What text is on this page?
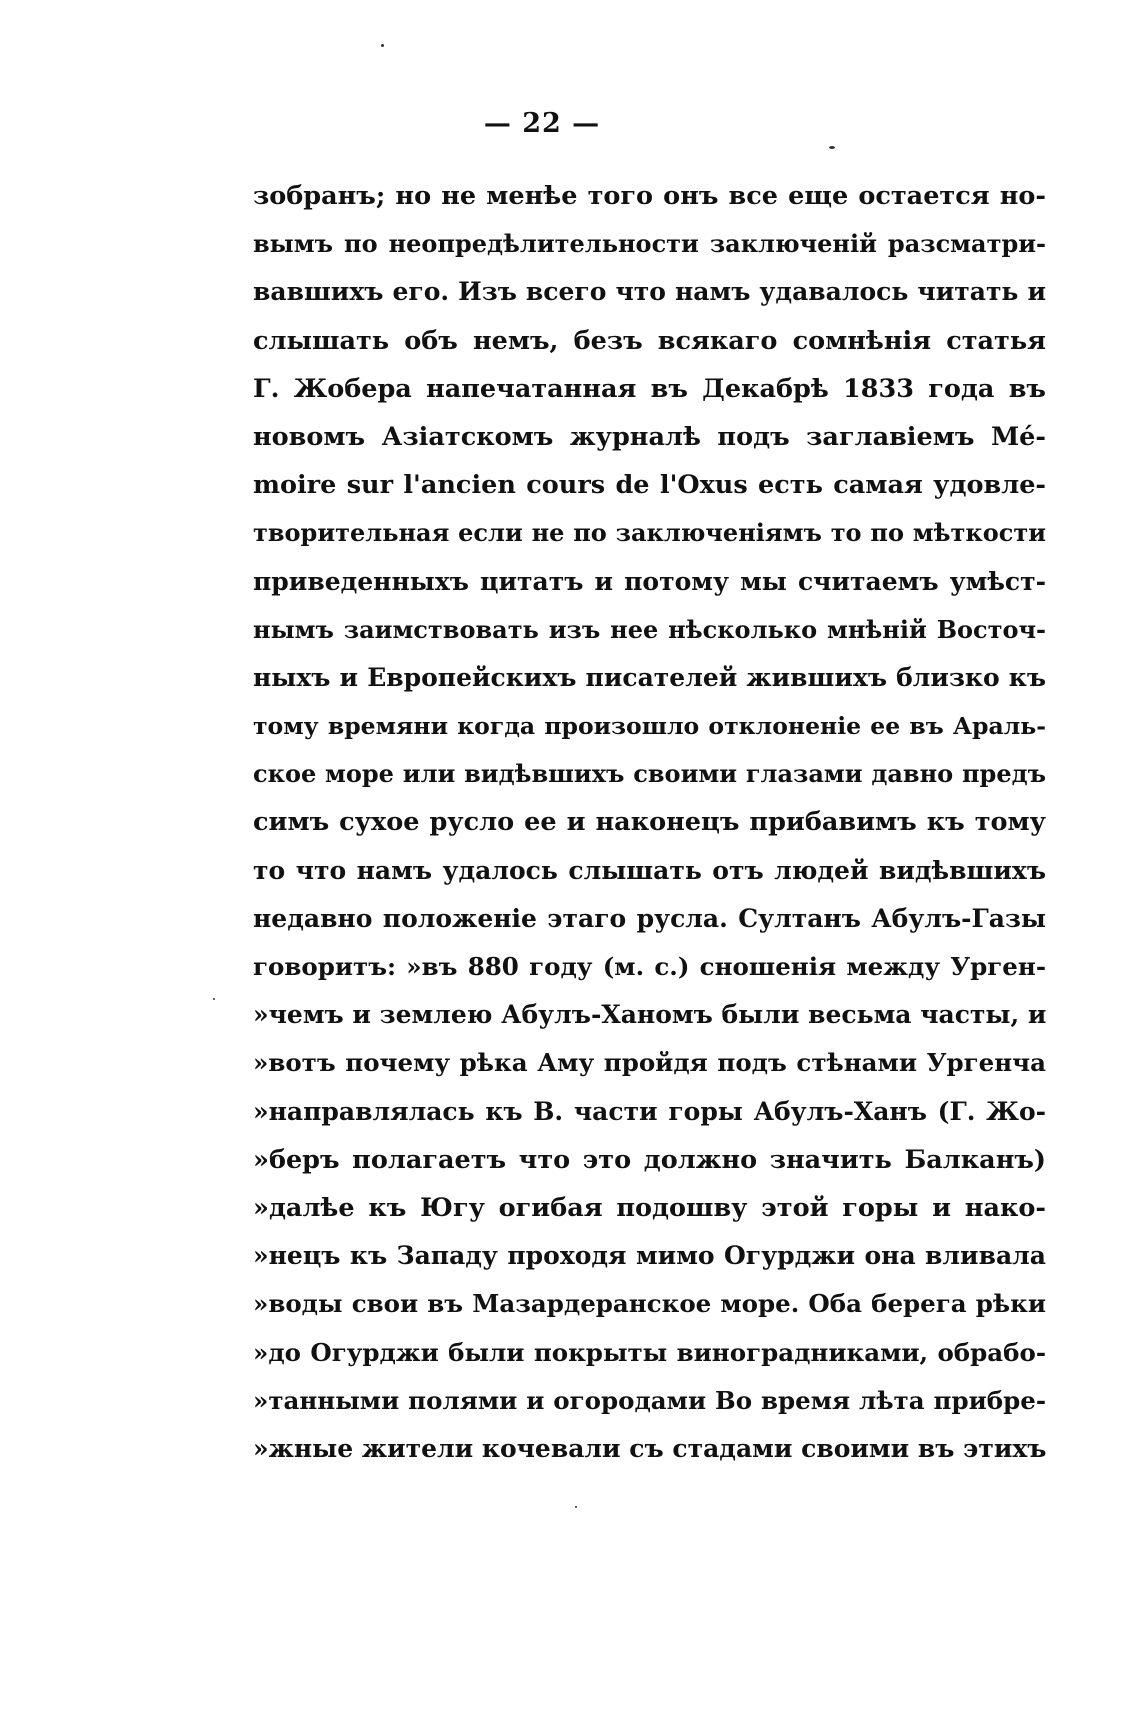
— 22 —
зобранъ; но не менѣе того онъ все еще остается но-
вымъ по неопредѣлительности заключенiй разсматри-
вавшихъ его. Изъ всего что намъ удавалось читать и
слышать объ немъ, безъ всякаго сомнѣнiя статья
Г. Жобера напечатанная въ Декабрѣ 1833 года въ
новомъ Азiатскомъ журналѣ подъ заглавiемъ Mé-
moire sur l'ancien cours de l'Oxus есть самая удовле-
творительная если не по заключенiямъ то по мѣткости
приведенныхъ цитатъ и потому мы считаемъ умѣст-
нымъ заимствовать изъ нее нѣсколько мнѣнiй Восточ-
ныхъ и Европейскихъ писателей жившихъ близко къ
тому времяни когда произошло отклоненiе ее въ Араль-
ское море или видѣвшихъ своими глазами давно предъ
симъ сухое русло ее и наконецъ прибавимъ къ тому
то что намъ удалось слышать отъ людей видѣвшихъ
недавно положенiе этаго русла. Султанъ Абулъ-Газы
говоритъ: »въ 880 году (м. с.) сношенiя между Урген-
»чемъ и землею Абулъ-Ханомъ были весьма часты, и
»вотъ почему рѣка Аму пройдя подъ стѣнами Ургенча
»направлялась къ В. части горы Абулъ-Ханъ (Г. Жо-
»беръ полагаетъ что это должно значить Балканъ)
»далѣе къ Югу огибая подошву этой горы и нако-
»нецъ къ Западу проходя мимо Огурджи она вливала
»воды свои въ Мазардеранское море. Оба берега рѣки
»до Огурджи были покрыты виноградниками, обрабо-
»танными полями и огородами Во время лѣта прибре-
»жные жители кочевали съ стадами своими въ этихъ
